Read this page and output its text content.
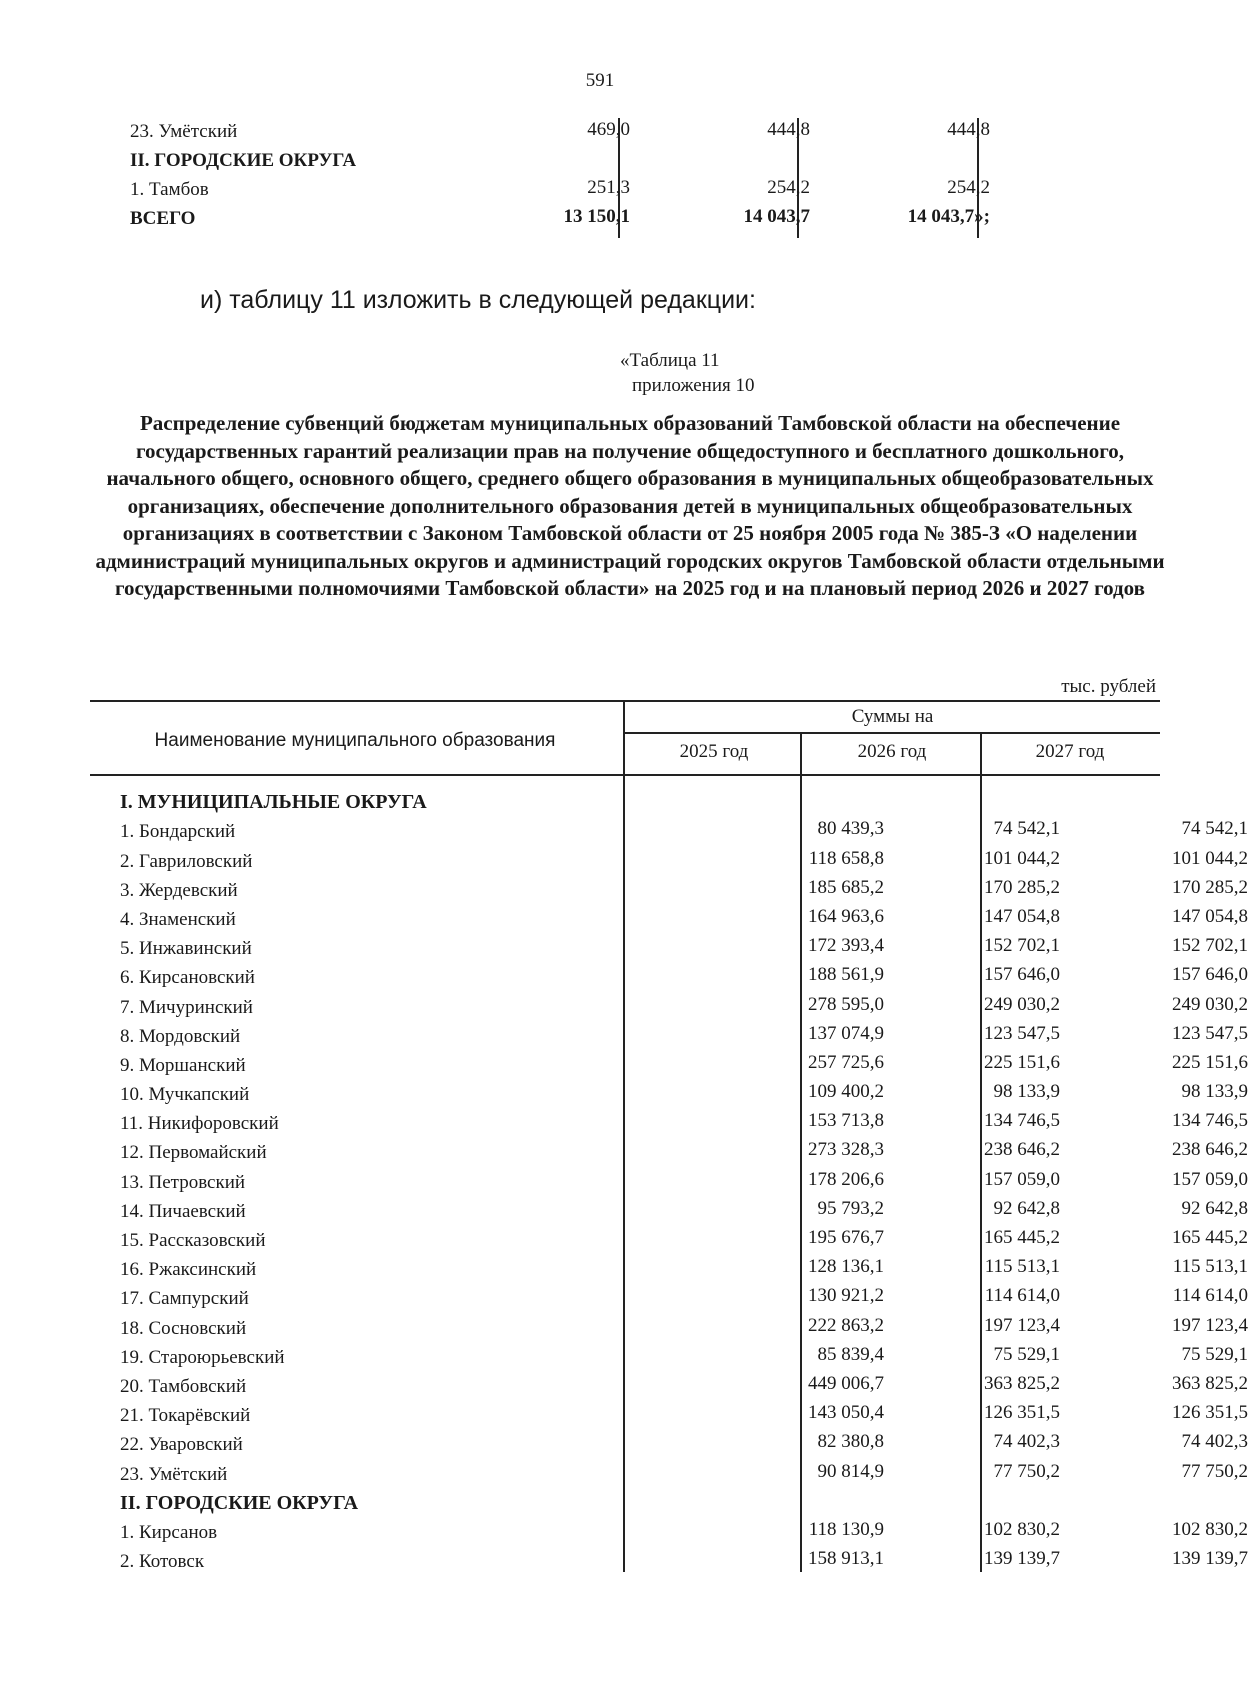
591
23. Умётский	469,0	444,8	444,8
II. ГОРОДСКИЕ ОКРУГА
1. Тамбов	251,3	254,2	254,2
ВСЕГО	13 150,1	14 043,7	14 043,7»;
и) таблицу 11 изложить в следующей редакции:
«Таблица 11
приложения 10
Распределение субвенций бюджетам муниципальных образований Тамбовской области на обеспечение государственных гарантий реализации прав на получение общедоступного и бесплатного дошкольного, начального общего, основного общего, среднего общего образования в муниципальных общеобразовательных организациях, обеспечение дополнительного образования детей в муниципальных общеобразовательных организациях в соответствии с Законом Тамбовской области от 25 ноября 2005 года № 385-З «О наделении администраций муниципальных округов и администраций городских округов Тамбовской области отдельными государственными полномочиями Тамбовской области» на 2025 год и на плановый период 2026 и 2027 годов
тыс. рублей
Наименование муниципального образования
Суммы на
2025 год	2026 год	2027 год
I. МУНИЦИПАЛЬНЫЕ ОКРУГА
1. Бондарский	80 439,3	74 542,1	74 542,1
2. Гавриловский	118 658,8	101 044,2	101 044,2
3. Жердевский	185 685,2	170 285,2	170 285,2
4. Знаменский	164 963,6	147 054,8	147 054,8
5. Инжавинский	172 393,4	152 702,1	152 702,1
6. Кирсановский	188 561,9	157 646,0	157 646,0
7. Мичуринский	278 595,0	249 030,2	249 030,2
8. Мордовский	137 074,9	123 547,5	123 547,5
9. Моршанский	257 725,6	225 151,6	225 151,6
10. Мучкапский	109 400,2	98 133,9	98 133,9
11. Никифоровский	153 713,8	134 746,5	134 746,5
12. Первомайский	273 328,3	238 646,2	238 646,2
13. Петровский	178 206,6	157 059,0	157 059,0
14. Пичаевский	95 793,2	92 642,8	92 642,8
15. Рассказовский	195 676,7	165 445,2	165 445,2
16. Ржаксинский	128 136,1	115 513,1	115 513,1
17. Сампурский	130 921,2	114 614,0	114 614,0
18. Сосновский	222 863,2	197 123,4	197 123,4
19. Староюрьевский	85 839,4	75 529,1	75 529,1
20. Тамбовский	449 006,7	363 825,2	363 825,2
21. Токарёвский	143 050,4	126 351,5	126 351,5
22. Уваровский	82 380,8	74 402,3	74 402,3
23. Умётский	90 814,9	77 750,2	77 750,2
II. ГОРОДСКИЕ ОКРУГА
1. Кирсанов	118 130,9	102 830,2	102 830,2
2. Котовск	158 913,1	139 139,7	139 139,7
